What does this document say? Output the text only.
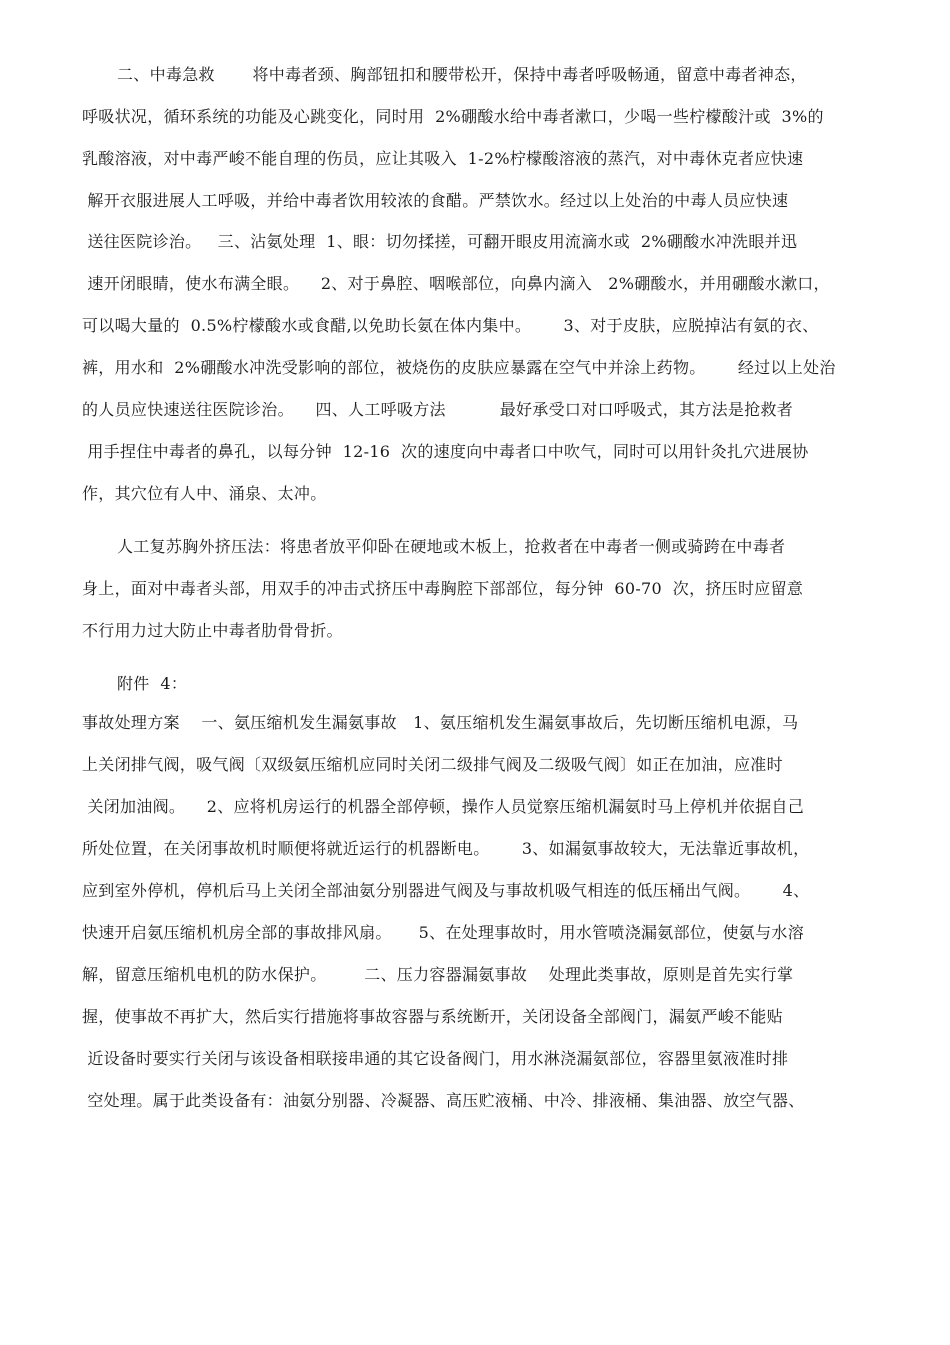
二、中毒急救       将中毒者颈、胸部钮扣和腰带松开，保持中毒者呼吸畅通，留意中毒者神态，
呼吸状况，循环系统的功能及心跳变化，同时用  2%硼酸水给中毒者漱口，少喝一些柠檬酸汁或  3%的
乳酸溶液，对中毒严峻不能自理的伤员，应让其吸入  1-2%柠檬酸溶液的蒸汽，对中毒休克者应快速
解开衣服进展人工呼吸，并给中毒者饮用较浓的食醋。严禁饮水。经过以上处治的中毒人员应快速
送往医院诊治。   三、沾氨处理  1、眼：切勿揉搓，可翻开眼皮用流滴水或  2%硼酸水冲洗眼并迅
速开闭眼睛，使水布满全眼。    2、对于鼻腔、咽喉部位，向鼻内滴入   2%硼酸水，并用硼酸水漱口，
可以喝大量的  0.5%柠檬酸水或食醋,以免助长氨在体内集中。      3、对于皮肤，应脱掉沾有氨的衣、
裤，用水和  2%硼酸水冲洗受影响的部位，被烧伤的皮肤应暴露在空气中并涂上药物。      经过以上处治
的人员应快速送往医院诊治。    四、人工呼吸方法          最好承受口对口呼吸式，其方法是抢救者
用手捏住中毒者的鼻孔，以每分钟  12-16  次的速度向中毒者口中吹气，同时可以用针灸扎穴进展协
作，其穴位有人中、涌泉、太冲。
人工复苏胸外挤压法：将患者放平仰卧在硬地或木板上，抢救者在中毒者一侧或骑跨在中毒者
身上，面对中毒者头部，用双手的冲击式挤压中毒胸腔下部部位，每分钟  60-70  次，挤压时应留意
不行用力过大防止中毒者肋骨骨折。
附件  4：
事故处理方案    一、氨压缩机发生漏氨事故   1、氨压缩机发生漏氨事故后，先切断压缩机电源，马
上关闭排气阀，吸气阀〔双级氨压缩机应同时关闭二级排气阀及二级吸气阀〕如正在加油，应准时
关闭加油阀。    2、应将机房运行的机器全部停顿，操作人员觉察压缩机漏氨时马上停机并依据自己
所处位置，在关闭事故机时顺便将就近运行的机器断电。      3、如漏氨事故较大，无法靠近事故机，
应到室外停机，停机后马上关闭全部油氨分别器进气阀及与事故机吸气相连的低压桶出气阀。      4、
快速开启氨压缩机机房全部的事故排风扇。     5、在处理事故时，用水管喷浇漏氨部位，使氨与水溶
解，留意压缩机电机的防水保护。       二、压力容器漏氨事故    处理此类事故，原则是首先实行掌
握，使事故不再扩大，然后实行措施将事故容器与系统断开，关闭设备全部阀门，漏氨严峻不能贴
近设备时要实行关闭与该设备相联接串通的其它设备阀门，用水淋浇漏氨部位，容器里氨液准时排
空处理。属于此类设备有：油氨分别器、冷凝器、高压贮液桶、中冷、排液桶、集油器、放空气器、
